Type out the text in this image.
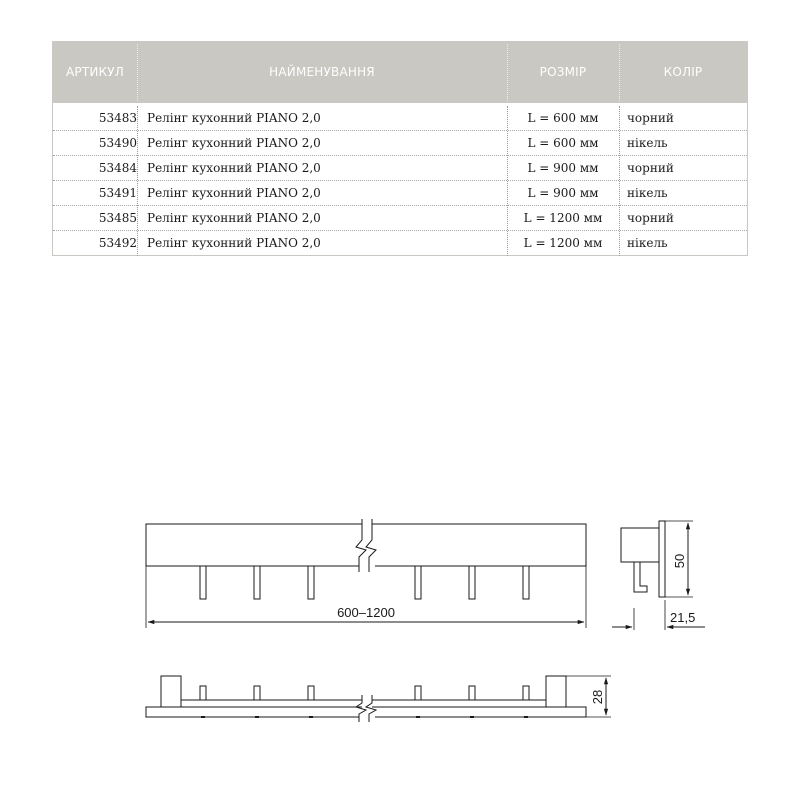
АРТИКУЛ	НАЙМЕНУВАННЯ	РОЗМІР	КОЛІР
53483 Релінг кухонний PIANO 2,0	L = 600 мм	чорний
53490 Релінг кухонний PIANO 2,0	L = 600 мм	нікель
53484 Релінг кухонний PIANO 2,0	L = 900 мм	чорний
53491 Релінг кухонний PIANO 2,0	L = 900 мм	нікель
53485 Релінг кухонний PIANO 2,0	L = 1200 мм	чорний
53492 Релінг кухонний PIANO 2,0	L = 1200 мм	нікель
600–1200
50
21,5
28
